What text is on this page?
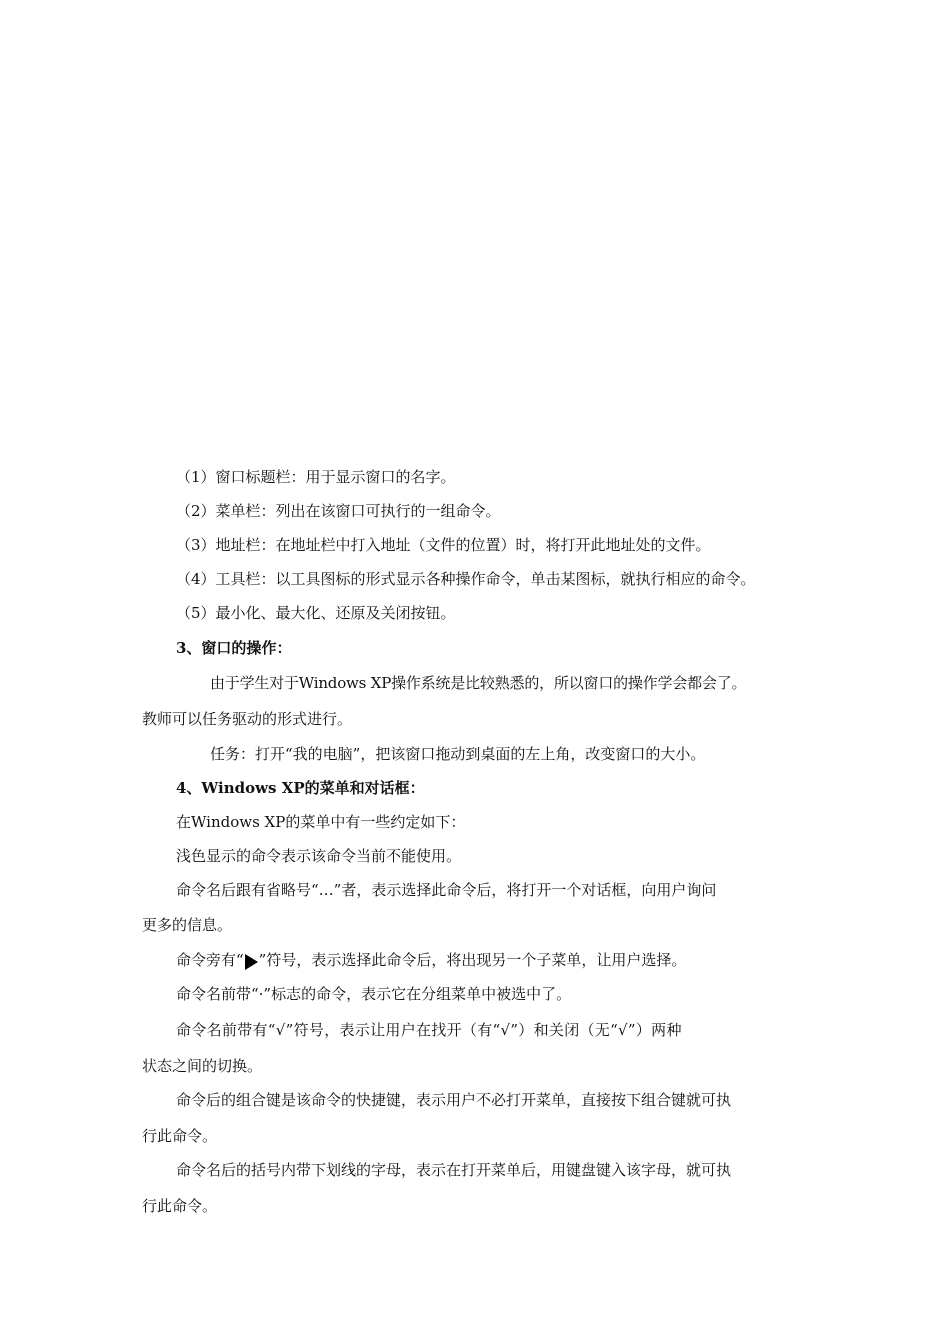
（1）窗口标题栏：用于显示窗口的名字。
（2）菜单栏：列出在该窗口可执行的一组命令。
（3）地址栏：在地址栏中打入地址（文件的位置）时，将打开此地址处的文件。
（4）工具栏：以工具图标的形式显示各种操作命令，单击某图标，就执行相应的命令。
（5）最小化、最大化、还原及关闭按钮。
3、窗口的操作：
由于学生对于Windows XP操作系统是比较熟悉的，所以窗口的操作学会都会了。
教师可以任务驱动的形式进行。
任务：打开“我的电脑”，把该窗口拖动到桌面的左上角，改变窗口的大小。
4、Windows XP的菜单和对话框：
在Windows XP的菜单中有一些约定如下：
浅色显示的命令表示该命令当前不能使用。
命令名后跟有省略号“…”者，表示选择此命令后，将打开一个对话框，向用户询问
更多的信息。
命令旁有“ ”符号，表示选择此命令后，将出现另一个子菜单，让用户选择。
命令名前带“·”标志的命令，表示它在分组菜单中被选中了。
命令名前带有“√”符号，表示让用户在找开（有“√”）和关闭（无“√”）两种
状态之间的切换。
命令后的组合键是该命令的快捷键，表示用户不必打开菜单，直接按下组合键就可执
行此命令。
命令名后的括号内带下划线的字母，表示在打开菜单后，用键盘键入该字母，就可执
行此命令。
